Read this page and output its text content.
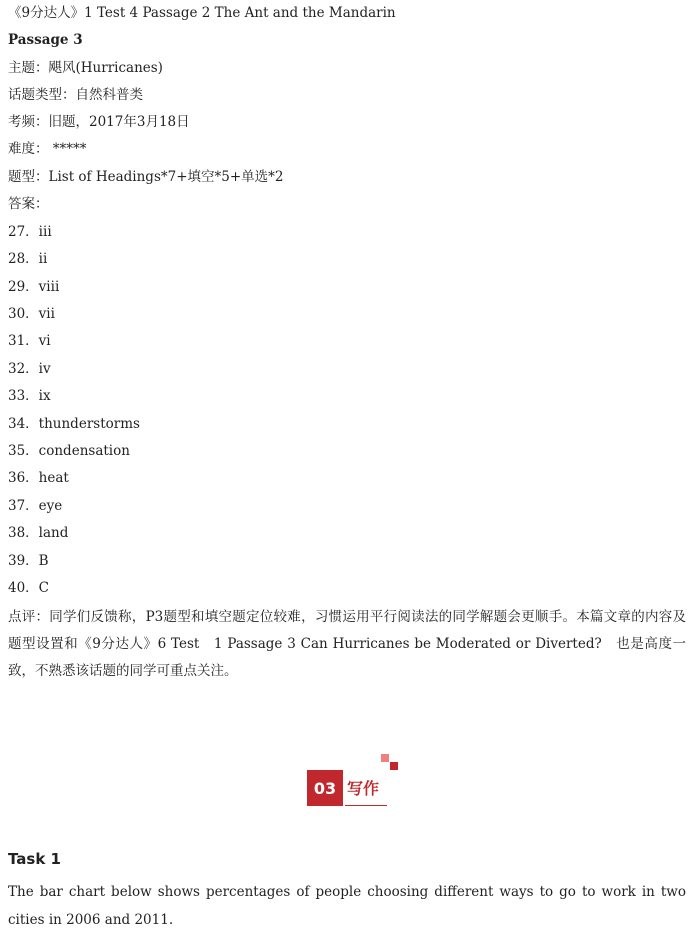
《9分达人》1 Test 4 Passage 2 The Ant and the Mandarin
Passage 3
主题：飓风(Hurricanes)
话题类型：自然科普类
考频：旧题，2017年3月18日
难度： *****
题型：List of Headings*7+填空*5+单选*2
答案：
27．iii
28．ii
29．viii
30．vii
31．vi
32．iv
33．ix
34．thunderstorms
35．condensation
36．heat
37．eye
38．land
39．B
40．C
点评：同学们反馈称，P3题型和填空题定位较难，习惯运用平行阅读法的同学解题会更顺手。本篇文章的内容及题型设置和《9分达人》6 Test　1 Passage 3 Can Hurricanes be Moderated or Diverted?　也是高度一致，不熟悉该话题的同学可重点关注。
03 写作
Task 1
The bar chart below shows percentages of people choosing different ways to go to work in two cities in 2006 and 2011.
